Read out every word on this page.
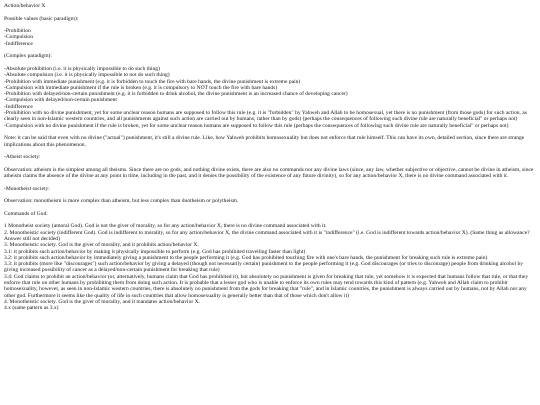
Action/behavior X
Possible values (basic paradigm):
-Prohibition
-Compulsion
-Indifference
(Complex paradigm):
-Absolute prohibition (i.e. it is physically impossible to do such thing)
-Absolute compulsion (i.e. it is physically impossible to not do such thing)
-Prohibition with immediate punishment (e.g. it is forbidden to touch the fire with bare hands, the divine punishment is extreme pain)
-Compulsion with immediate punishment if the rule is broken (e.g. it is compulsory to NOT touch the fire with bare hands)
-Prohibition with delayed/non-certain punishment (e.g. it is forbidden to drink alcohol, the divine punishment is an increased chance of developing cancer)
-Compulsion with delayed/non-certain punishment
-Indifference
-Prohibition with no divine punishment, yet for some unclear reason humans are supposed to follow this rule (e.g. it is "forbidden" by Yahweh and Allah to be homosexual, yet there is no punishment (from those gods) for such action, as clearly seen in non-Islamic western countries, and all punishments against such action are carried out by humans, rather than by gods) (perhaps the consequences of following such divine rule are naturally beneficial" or perhaps not)
-Compulsion with no divine punishment if the rule is broken, yet for some unclear reason humans are supposed to follow this rule (perhaps the consequences of following such divine rule are naturally beneficial" or perhaps not)
Note: it can be said that even with no divine ("actual") punishment, it's still a divine rule. Like, how Yahweh prohibits homosexuality but does not enforce that rule himself. This can have its own, detailed section, since there are strange implications about this phenomenon.
-Atheist society:
Observation: atheism is the simplest among all theisms. Since there are no gods, and nothing divine exists, there are also no commands nor any divine laws (since, any law, whether subjective or objective, cannot be divine in atheism, since atheism claims the absence of the divine at any point in time, including in the past, and it denies the possibility of the existence of any future divinity), so for any action/behavior X, there is no divine command associated with it.
-Monotheist society:
Observation: monotheism is more complex than atheism, but less complex than duotheism or polytheism.
Commands of God:
1 Monotheist society (amoral God). God is not the giver of morality, so for any action/behavior X, there is no divine command associated with it.
2. Monotheistic society (indifferent God). God is indifferent to morality, so for any action/behavior X, the divine command associated with it is "indifference" (i.e. God is indifferent towards action/behavior X). (Same thing as allowance? Answer still not decided)
3. Monotheistic society. God is the giver of morality, and it prohibits action/behavior X.
3.1: it prohibits such action/behavior by making it physically impossible to perform (e.g. God has prohibited travelling faster than light)
3.2: it prohibits such action/behavior by immediately giving a punishment to the people performing it (e.g. God has prohibited touching fire with one's bare hands, the punishment for breaking such rule is extreme pain)
3.3: it prohibits (more like "discourages") such action/behavior by giving a delayed (though not necessarily certain) punishment to the people performing it (e.g. God discourages (or tries to discourage) people from drinking alcohol by giving increased possibility of cancer as a delayed/non-certain punishment for breaking that rule)
3.4: God claims to prohibit an action/behavior (or, alternatively, humans claim that God has prohibited it), but absolutely no punishment is given for breaking that rule, yet somehow it is expected that humans follow that rule, or that they enforce that rule on other humans by prohibiting them from doing such action. It is probable that a lesser god who is unable to enforce its own rules may tend towards this kind of pattern (e.g. Yahweh and Allah claim to prohibit homosexuality, however, as seen in non-Islamic western countries, there is absolutely no punishment from the gods for breaking that "rule", and in Islamic countries, the punishment is always carried out by humans, not by Allah nor any other god. Furthermore it seems like the quality of life in such countries that allow homosexuality is generally better than that of those which don't allow it)
4. Monotheistic society. God is the giver of morality, and it mandates action/behavior X.
4.x (same pattern as 3.x)
